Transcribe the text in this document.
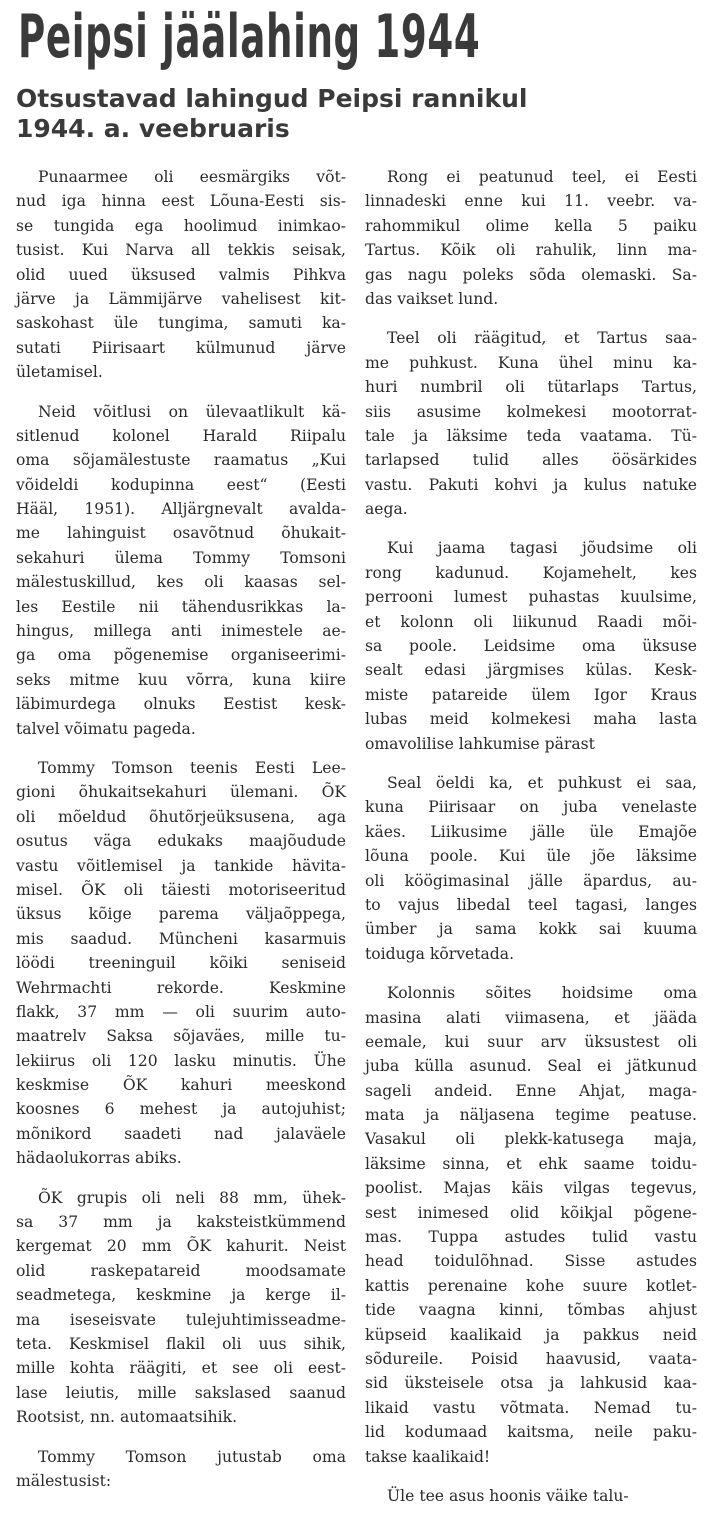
Peipsi jäälahing 1944
Otsustavad lahingud Peipsi rannikul
1944. a. veebruaris
Punaarmee oli eesmärgiks võt-
nud iga hinna eest Lõuna-Eesti sis-
se tungida ega hoolimud inimkao-
tusist. Kui Narva all tekkis seisak,
olid uued üksused valmis Pihkva
järve ja Lämmijärve vahelisest kit-
saskohast üle tungima, samuti ka-
sutati Piirisaart külmunud järve
ületamisel.
Neid võitlusi on ülevaatlikult kä-
sitlenud kolonel Harald Riipalu
oma sõjamälestuste raamatus „Kui
võideldi kodupinna eest“ (Eesti
Hääl, 1951). Alljärgnevalt avalda-
me lahinguist osavõtnud õhukait-
sekahuri ülema Tommy Tomsoni
mälestuskillud, kes oli kaasas sel-
les Eestile nii tähendusrikkas la-
hingus, millega anti inimestele ae-
ga oma põgenemise organiseerimi-
seks mitme kuu võrra, kuna kiire
läbimurdega olnuks Eestist kesk-
talvel võimatu pageda.
Tommy Tomson teenis Eesti Lee-
gioni õhukaitsekahuri ülemani. ÕK
oli mõeldud õhutõrjeüksusena, aga
osutus väga edukaks maajõudude
vastu võitlemisel ja tankide hävita-
misel. ÕK oli täiesti motoriseeritud
üksus kõige parema väljaõppega,
mis saadud. Müncheni kasarmuis
löödi treeninguil kõiki seniseid
Wehrmachti rekorde. Keskmine
flakk, 37 mm — oli suurim auto-
maatrelv Saksa sõjaväes, mille tu-
lekiirus oli 120 lasku minutis. Ühe
keskmise ÕK kahuri meeskond
koosnes 6 mehest ja autojuhist;
mõnikord saadeti nad jalaväele
hädaolukorras abiks.
ÕK grupis oli neli 88 mm, ühek-
sa 37 mm ja kaksteistkümmend
kergemat 20 mm ÕK kahurit. Neist
olid raskepatareid moodsamate
seadmetega, keskmine ja kerge il-
ma iseseisvate tulejuhtimisseadme-
teta. Keskmisel flakil oli uus sihik,
mille kohta räägiti, et see oli eest-
lase leiutis, mille sakslased saanud
Rootsist, nn. automaatsihik.
Tommy Tomson jutustab oma
mälestusist:
Rong ei peatunud teel, ei Eesti
linnadeski enne kui 11. veebr. va-
rahommikul olime kella 5 paiku
Tartus. Kõik oli rahulik, linn ma-
gas nagu poleks sõda olemaski. Sa-
das vaikset lund.
Teel oli räägitud, et Tartus saa-
me puhkust. Kuna ühel minu ka-
huri numbril oli tütarlaps Tartus,
siis asusime kolmekesi mootorrat-
tale ja läksime teda vaatama. Tü-
tarlapsed tulid alles öösärkides
vastu. Pakuti kohvi ja kulus natuke
aega.
Kui jaama tagasi jõudsime oli
rong kadunud. Kojamehelt, kes
perrooni lumest puhastas kuulsime,
et kolonn oli liikunud Raadi mõi-
sa poole. Leidsime oma üksuse
sealt edasi järgmises külas. Kesk-
miste patareide ülem Igor Kraus
lubas meid kolmekesi maha lasta
omavolilise lahkumise pärast
Seal öeldi ka, et puhkust ei saa,
kuna Piirisaar on juba venelaste
käes. Liikusime jälle üle Emajõe
lõuna poole. Kui üle jõe läksime
oli köögimasinal jälle äpardus, au-
to vajus libedal teel tagasi, langes
ümber ja sama kokk sai kuuma
toiduga kõrvetada.
Kolonnis sõites hoidsime oma
masina alati viimasena, et jääda
eemale, kui suur arv üksustest oli
juba külla asunud. Seal ei jätkunud
sageli andeid. Enne Ahjat, maga-
mata ja näljasena tegime peatuse.
Vasakul oli plekk-katusega maja,
läksime sinna, et ehk saame toidu-
poolist. Majas käis vilgas tegevus,
sest inimesed olid kõikjal põgene-
mas. Tuppa astudes tulid vastu
head toidulõhnad. Sisse astudes
kattis perenaine kohe suure kotlet-
tide vaagna kinni, tõmbas ahjust
küpseid kaalikaid ja pakkus neid
sõdureile. Poisid haavusid, vaata-
sid üksteisele otsa ja lahkusid kaa-
likaid vastu võtmata. Nemad tu-
lid kodumaad kaitsma, neile paku-
takse kaalikaid!
Üle tee asus hoonis väike talu-
